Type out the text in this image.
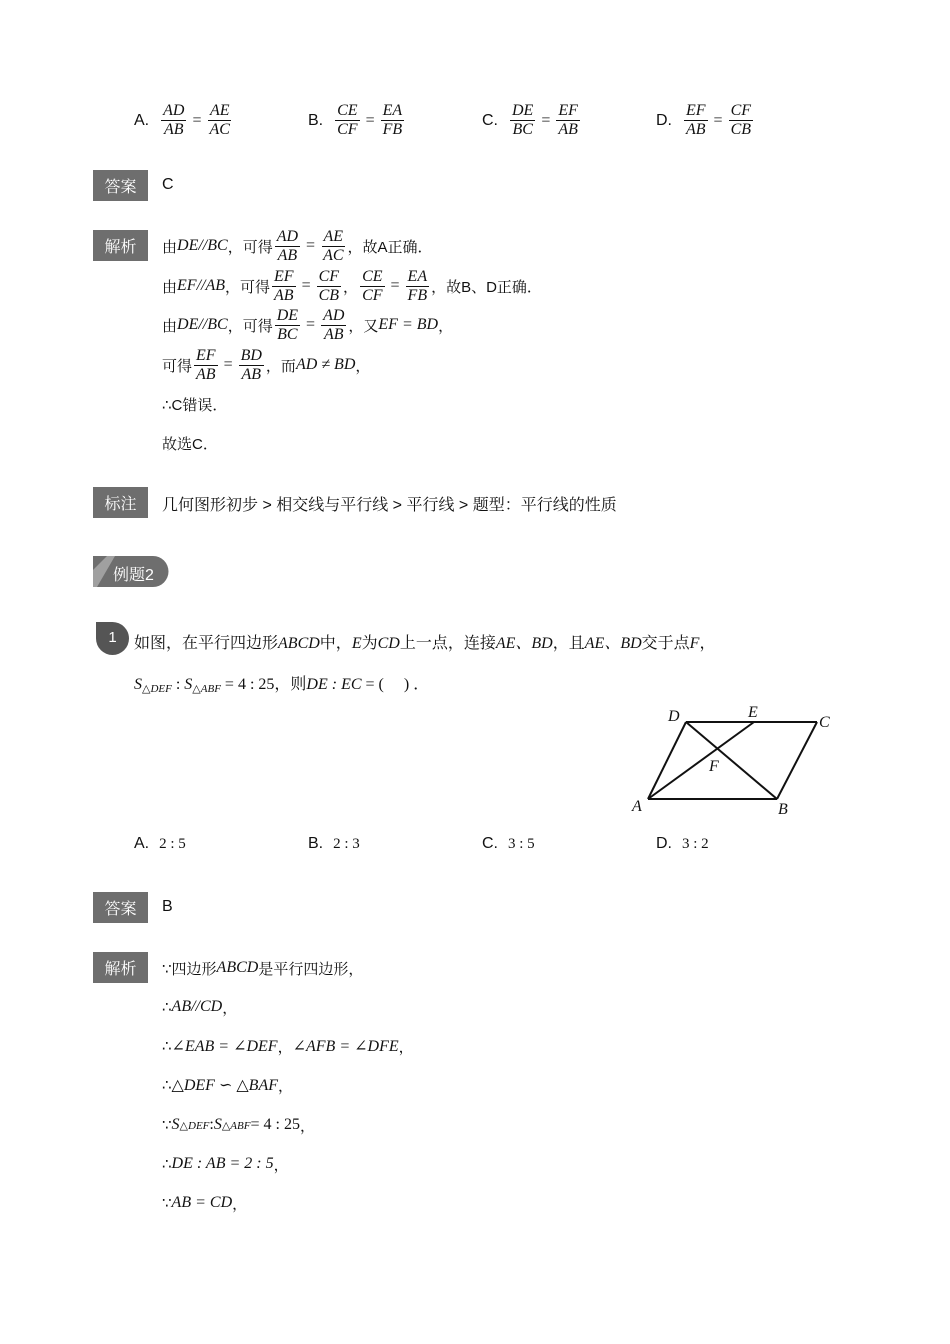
A. $\frac{AD}{AB} = \frac{AE}{AC}$	B. $\frac{CE}{CF} = \frac{EA}{FB}$	C. $\frac{DE}{BC} = \frac{EF}{AB}$	D. $\frac{EF}{AB} = \frac{CF}{CB}$
答案	C
解析	由 DE//BC ，可得 $\frac{AD}{AB} = \frac{AE}{AC}$ ，故A正确．
由 EF//AB ，可得 $\frac{EF}{AB} = \frac{CF}{CB}$ ， $\frac{CE}{CF} = \frac{EA}{FB}$ ，故B、D正确．
由 DE//BC ，可得 $\frac{DE}{BC} = \frac{AD}{AB}$ ，又 EF = BD ，
可得 $\frac{EF}{AB} = \frac{BD}{AB}$ ，而 AD ≠ BD ，
∴C错误．
故选C．
标注	几何图形初步 > 相交线与平行线 > 平行线 > 题型：平行线的性质
例题2
1	如图，在平行四边形ABCD中，E为CD上一点，连接AE、BD，且AE、BD交于点F，
$S_{\triangle DEF}$ : $S_{\triangle ABF} = 4$ : 25，则DE : EC = (　 ) ．
A	B
C
D	E
F
A. 2 : 5	B. 2 : 3	C. 3 : 5	D. 3 : 2
答案	B
解析	∵四边形 ABCD 是平行四边形，
∴ AB//CD ，
∴ ∠EAB = ∠DEF ， ∠AFB = ∠DFE ，
∴ △DEF ∽ △BAF ，
∵ S △DEF : S △ABF = 4 : 25 ，
∴ DE : AB = 2 : 5 ，
∵ AB = CD ，
